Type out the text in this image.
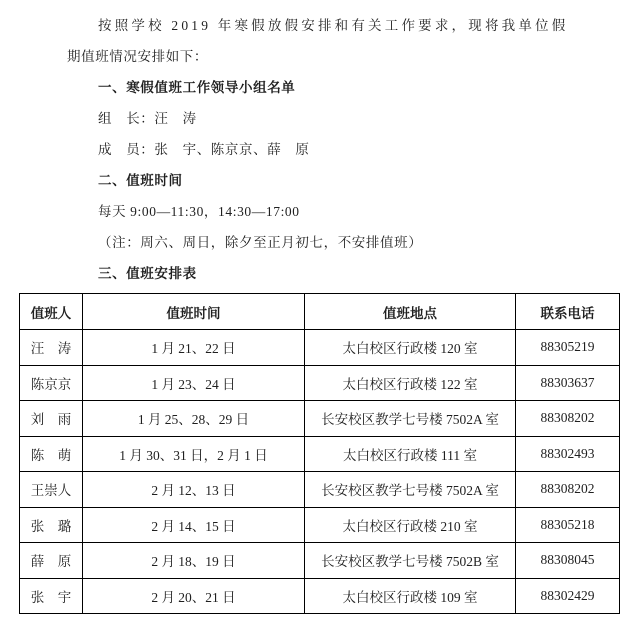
按照学校 2019 年寒假放假安排和有关工作要求，现将我单位假

期值班情况安排如下：

一、寒假值班工作领导小组名单

组　长：汪　涛

成　员：张　宇、陈京京、薛　原

二、值班时间

每天 9:00—11:30，14:30—17:00

（注：周六、周日，除夕至正月初七，不安排值班）

三、值班安排表

值班人	值班时间	值班地点	联系电话
汪　涛	1 月 21、22 日	太白校区行政楼 120 室	88305219
陈京京	1 月 23、24 日	太白校区行政楼 122 室	88303637
刘　雨	1 月 25、28、29 日	长安校区教学七号楼 7502A 室	88308202
陈　萌	1 月 30、31 日，2 月 1 日	太白校区行政楼 111 室	88302493
王崇人	2 月 12、13 日	长安校区教学七号楼 7502A 室	88308202
张　璐	2 月 14、15 日	太白校区行政楼 210 室	88305218
薛　原	2 月 18、19 日	长安校区教学七号楼 7502B 室	88308045
张　宇	2 月 20、21 日	太白校区行政楼 109 室	88302429
